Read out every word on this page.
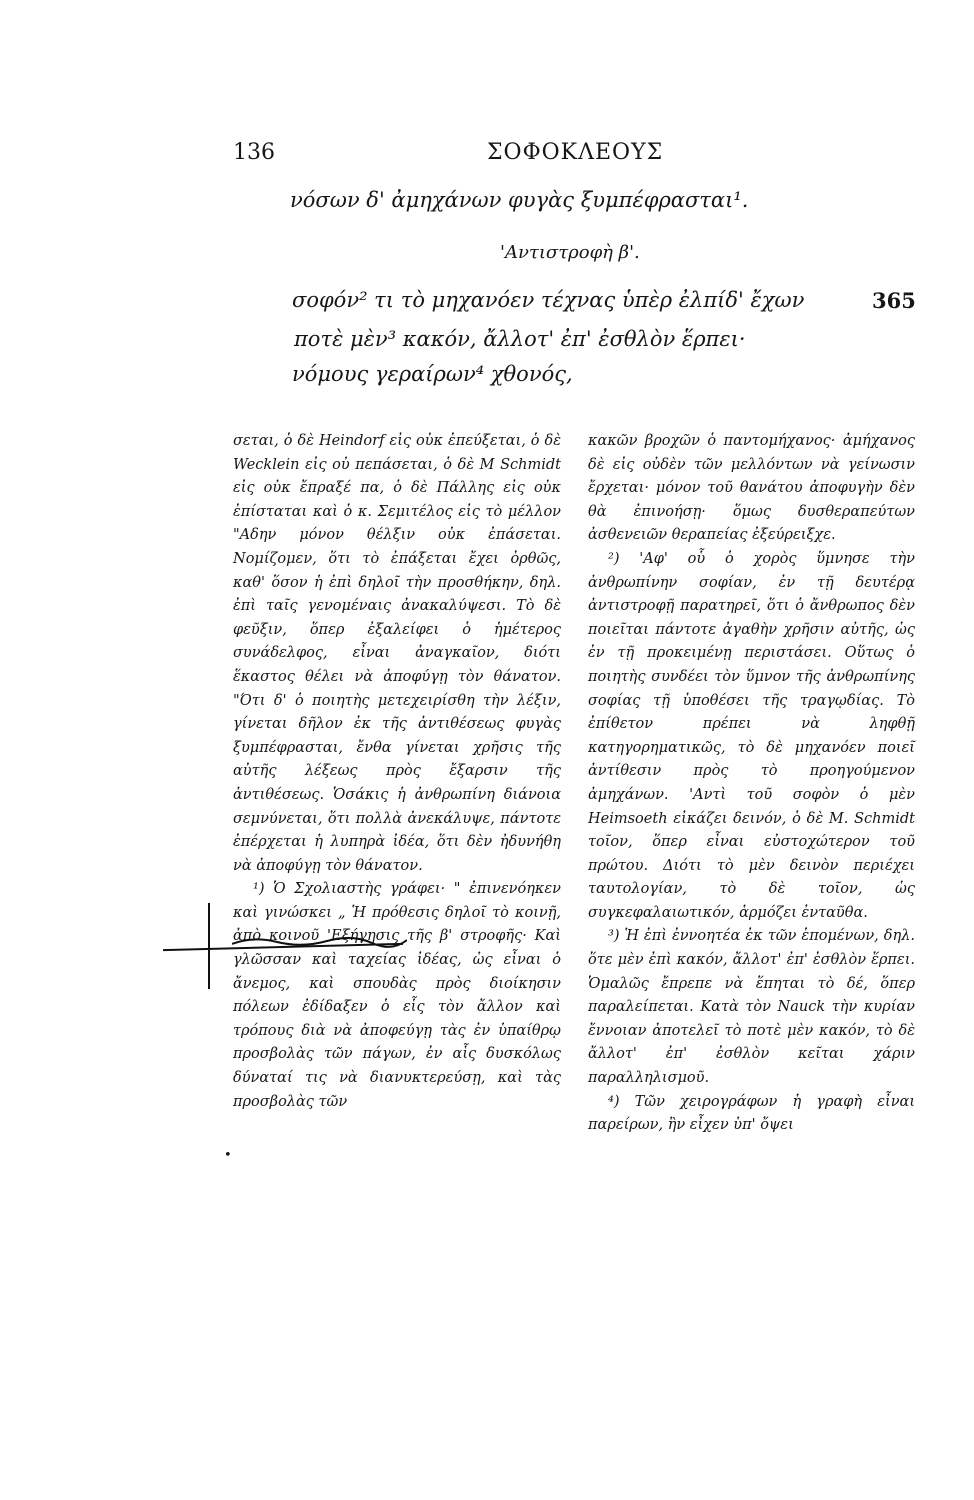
136	ΣΟΦΟΚΛΕΟΥΣ
νόσων δ' ἀμηχάνων φυγὰς ξυμπέφρασται¹.
'Αντιστροφὴ β'.
σοφόν² τι τὸ μηχανόεν τέχνας ὑπὲρ ἐλπίδ' ἔχων	365
ποτὲ μὲν³ κακόν, ἄλλοτ' ἐπ' ἐσθλὸν ἕρπει·
νόμους γεραίρων⁴ χθονός,

σεται, ὁ δὲ Heindorf εἰς οὐκ ἐπεύξεται, ὁ δὲ Wecklein εἰς οὐ πεπάσεται, ὁ δὲ M Schmidt εἰς οὐκ ἔπραξέ πα, ὁ δὲ Πάλλης εἰς οὐκ ἐπίσταται καὶ ὁ κ. Σεμιτέλος εἰς τὸ μέλλον "Αδην μόνον θέλξιν οὐκ ἐπάσεται. Νομίζομεν, ὅτι τὸ ἐπάξεται ἔχει ὀρθῶς, καθ' ὅσον ἡ ἐπὶ δηλοῖ τὴν προσθήκην, δηλ. ἐπὶ ταῖς γενομέναις ἀνακαλύψεσι. Τὸ δὲ φεῦξιν, ὅπερ ἐξαλείφει ὁ ἡμέτερος συνάδελφος, εἶναι ἀναγκαῖον, διότι ἕκαστος θέλει νὰ ἀποφύγῃ τὸν θάνατον. "Ότι δ' ὁ ποιητὴς μετεχειρίσθη τὴν λέξιν, γίνεται δῆλον ἐκ τῆς ἀντιθέσεως φυγὰς ξυμπέφρασται, ἔνθα γίνεται χρῆσις τῆς αὐτῆς λέξεως πρὸς ἔξαρσιν τῆς ἀντιθέσεως. Ὁσάκις ἡ ἀνθρωπίνη διάνοια σεμνύνεται, ὅτι πολλὰ ἀνεκάλυψε, πάντοτε ἐπέρχεται ἡ λυπηρὰ ἰδέα, ὅτι δὲν ἠδυνήθη νὰ ἀποφύγῃ τὸν θάνατον.

¹) Ὁ Σχολιαστὴς γράφει· " ἐπινενόηκεν καὶ γινώσκει „ Ἡ πρόθεσις δηλοῖ τὸ κοινῇ, ἀπὸ κοινοῦ 'Εξήγησις τῆς β' στροφῆς· Καὶ γλῶσσαν καὶ ταχείας ἰδέας, ὡς εἶναι ὁ ἄνεμος, καὶ σπουδὰς πρὸς διοίκησιν πόλεων ἐδίδαξεν ὁ εἷς τὸν ἄλλον καὶ τρόπους διὰ νὰ ἀποφεύγῃ τὰς ἐν ὑπαίθρῳ προσβολὰς τῶν πάγων, ἐν αἷς δυσκόλως δύναταί τις νὰ διανυκτερεύσῃ, καὶ τὰς προσβολὰς τῶν

κακῶν βροχῶν ὁ παντομήχανος· ἀμήχανος δὲ εἰς οὐδὲν τῶν μελλόντων νὰ γείνωσιν ἔρχεται· μόνον τοῦ θανάτου ἀποφυγὴν δὲν θὰ ἐπινοήσῃ· ὅμως δυσθεραπεύτων ἀσθενειῶν θεραπείας ἐξεύρειξχε.

²) 'Αφ' οὗ ὁ χορὸς ὕμνησε τὴν ἀνθρωπίνην σοφίαν, ἐν τῇ δευτέρᾳ ἀντιστροφῇ παρατηρεῖ, ὅτι ὁ ἄνθρωπος δὲν ποιεῖται πάντοτε ἀγαθὴν χρῆσιν αὐτῆς, ὡς ἐν τῇ προκειμένῃ περιστάσει. Οὕτως ὁ ποιητὴς συνδέει τὸν ὕμνον τῆς ἀνθρωπίνης σοφίας τῇ ὑποθέσει τῆς τραγῳδίας. Τὸ ἐπίθετον πρέπει νὰ ληφθῇ κατηγορηματικῶς, τὸ δὲ μηχανόεν ποιεῖ ἀντίθεσιν πρὸς τὸ προηγούμενον ἀμηχάνων. 'Αντὶ τοῦ σοφὸν ὁ μὲν Heimsoeth εἰκάζει δεινόν, ὁ δὲ Μ. Schmidt τοῖον, ὅπερ εἶναι εὐστοχώτερον τοῦ πρώτου. Διότι τὸ μὲν δεινὸν περιέχει ταυτολογίαν, τὸ δὲ τοῖον, ὡς συγκεφαλαιωτικόν, ἁρμόζει ἐνταῦθα.

³) Ἡ ἐπὶ ἐννοητέα ἐκ τῶν ἑπομένων, δηλ. ὅτε μὲν ἐπὶ κακόν, ἄλλοτ' ἐπ' ἐσθλὸν ἕρπει. Ὁμαλῶς ἔπρεπε νὰ ἕπηται τὸ δέ, ὅπερ παραλείπεται. Κατὰ τὸν Nauck τὴν κυρίαν ἔννοιαν ἀποτελεῖ τὸ ποτὲ μὲν κακόν, τὸ δὲ ἄλλοτ' ἐπ' ἐσθλὸν κεῖται χάριν παραλληλισμοῦ.

⁴) Τῶν χειρογράφων ἡ γραφὴ εἶναι παρείρων, ἣν εἶχεν ὑπ' ὄψει

•
